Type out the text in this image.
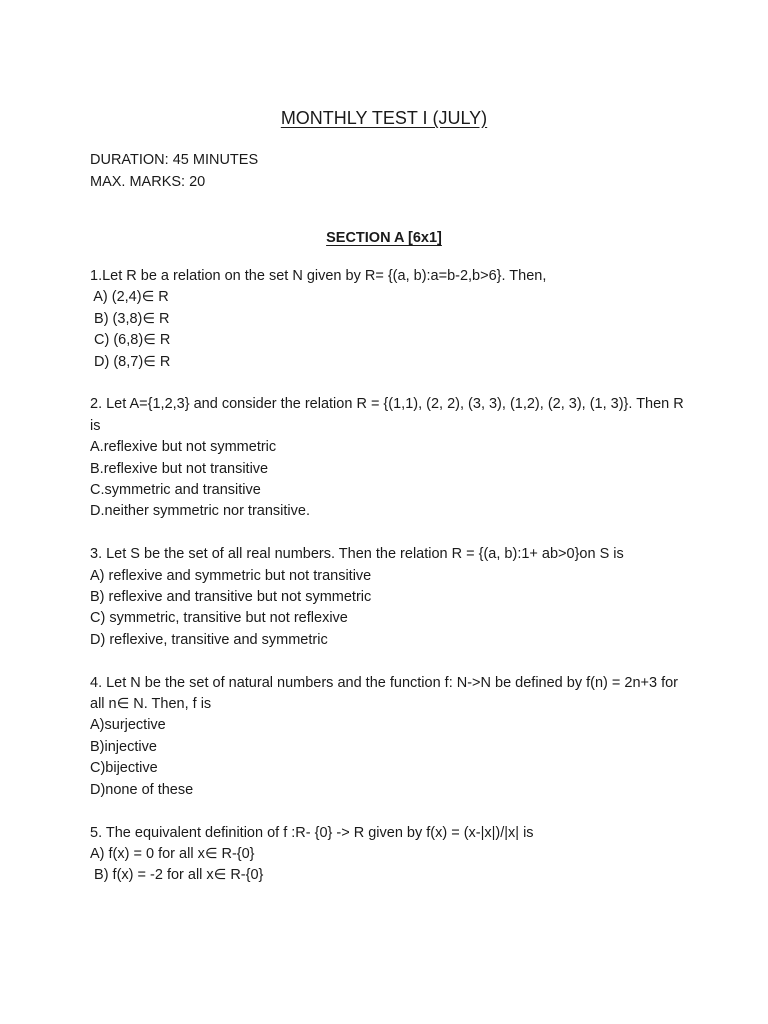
MONTHLY TEST I (JULY)
DURATION: 45 MINUTES
MAX. MARKS: 20
SECTION A [6x1]
1.Let R be a relation on the set N given by R= {(a, b):a=b-2,b>6}. Then,
A) (2,4)∈ R
B) (3,8)∈ R
C) (6,8)∈ R
D) (8,7)∈ R
2. Let A={1,2,3} and consider the relation R = {(1,1), (2, 2), (3, 3), (1,2), (2, 3), (1, 3)}. Then R is
A.reflexive but not symmetric
B.reflexive but not transitive
C.symmetric and transitive
D.neither symmetric nor transitive.
3. Let S be the set of all real numbers. Then the relation R = {(a, b):1+ ab>0}on S is
A) reflexive and symmetric but not transitive
B) reflexive and transitive but not symmetric
C) symmetric, transitive but not reflexive
D) reflexive, transitive and symmetric
4. Let N be the set of natural numbers and the function f: N->N be defined by f(n) = 2n+3 for all n∈ N. Then, f is
A)surjective
B)injective
C)bijective
D)none of these
5. The equivalent definition of f :R- {0} -> R given by f(x) = (x-|x|)/|x| is
A) f(x) = 0 for all x∈ R-{0}
B) f(x) = -2 for all x∈ R-{0}
